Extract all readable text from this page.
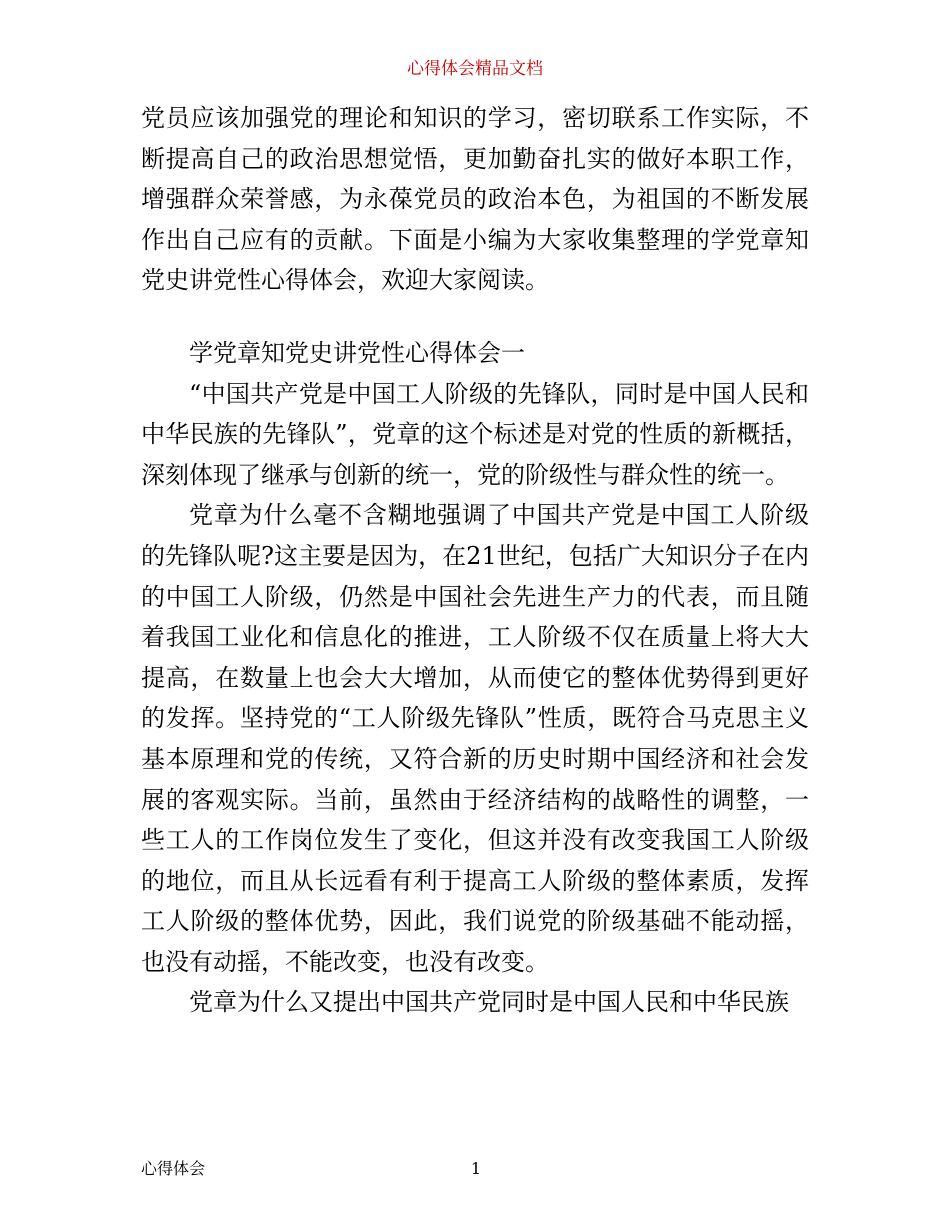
心得体会精品文档

党员应该加强党的理论和知识的学习，密切联系工作实际，不断提高自己的政治思想觉悟，更加勤奋扎实的做好本职工作，增强群众荣誉感，为永葆党员的政治本色，为祖国的不断发展作出自己应有的贡献。下面是小编为大家收集整理的学党章知党史讲党性心得体会，欢迎大家阅读。

学党章知党史讲党性心得体会一

“中国共产党是中国工人阶级的先锋队，同时是中国人民和中华民族的先锋队”，党章的这个标述是对党的性质的新概括，深刻体现了继承与创新的统一，党的阶级性与群众性的统一。

党章为什么毫不含糊地强调了中国共产党是中国工人阶级的先锋队呢?这主要是因为，在21世纪，包括广大知识分子在内的中国工人阶级，仍然是中国社会先进生产力的代表，而且随着我国工业化和信息化的推进，工人阶级不仅在质量上将大大提高，在数量上也会大大增加，从而使它的整体优势得到更好的发挥。坚持党的“工人阶级先锋队”性质，既符合马克思主义基本原理和党的传统，又符合新的历史时期中国经济和社会发展的客观实际。当前，虽然由于经济结构的战略性的调整，一些工人的工作岗位发生了变化，但这并没有改变我国工人阶级的地位，而且从长远看有利于提高工人阶级的整体素质，发挥工人阶级的整体优势，因此，我们说党的阶级基础不能动摇，也没有动摇，不能改变，也没有改变。

党章为什么又提出中国共产党同时是中国人民和中华民族

心得体会	1
